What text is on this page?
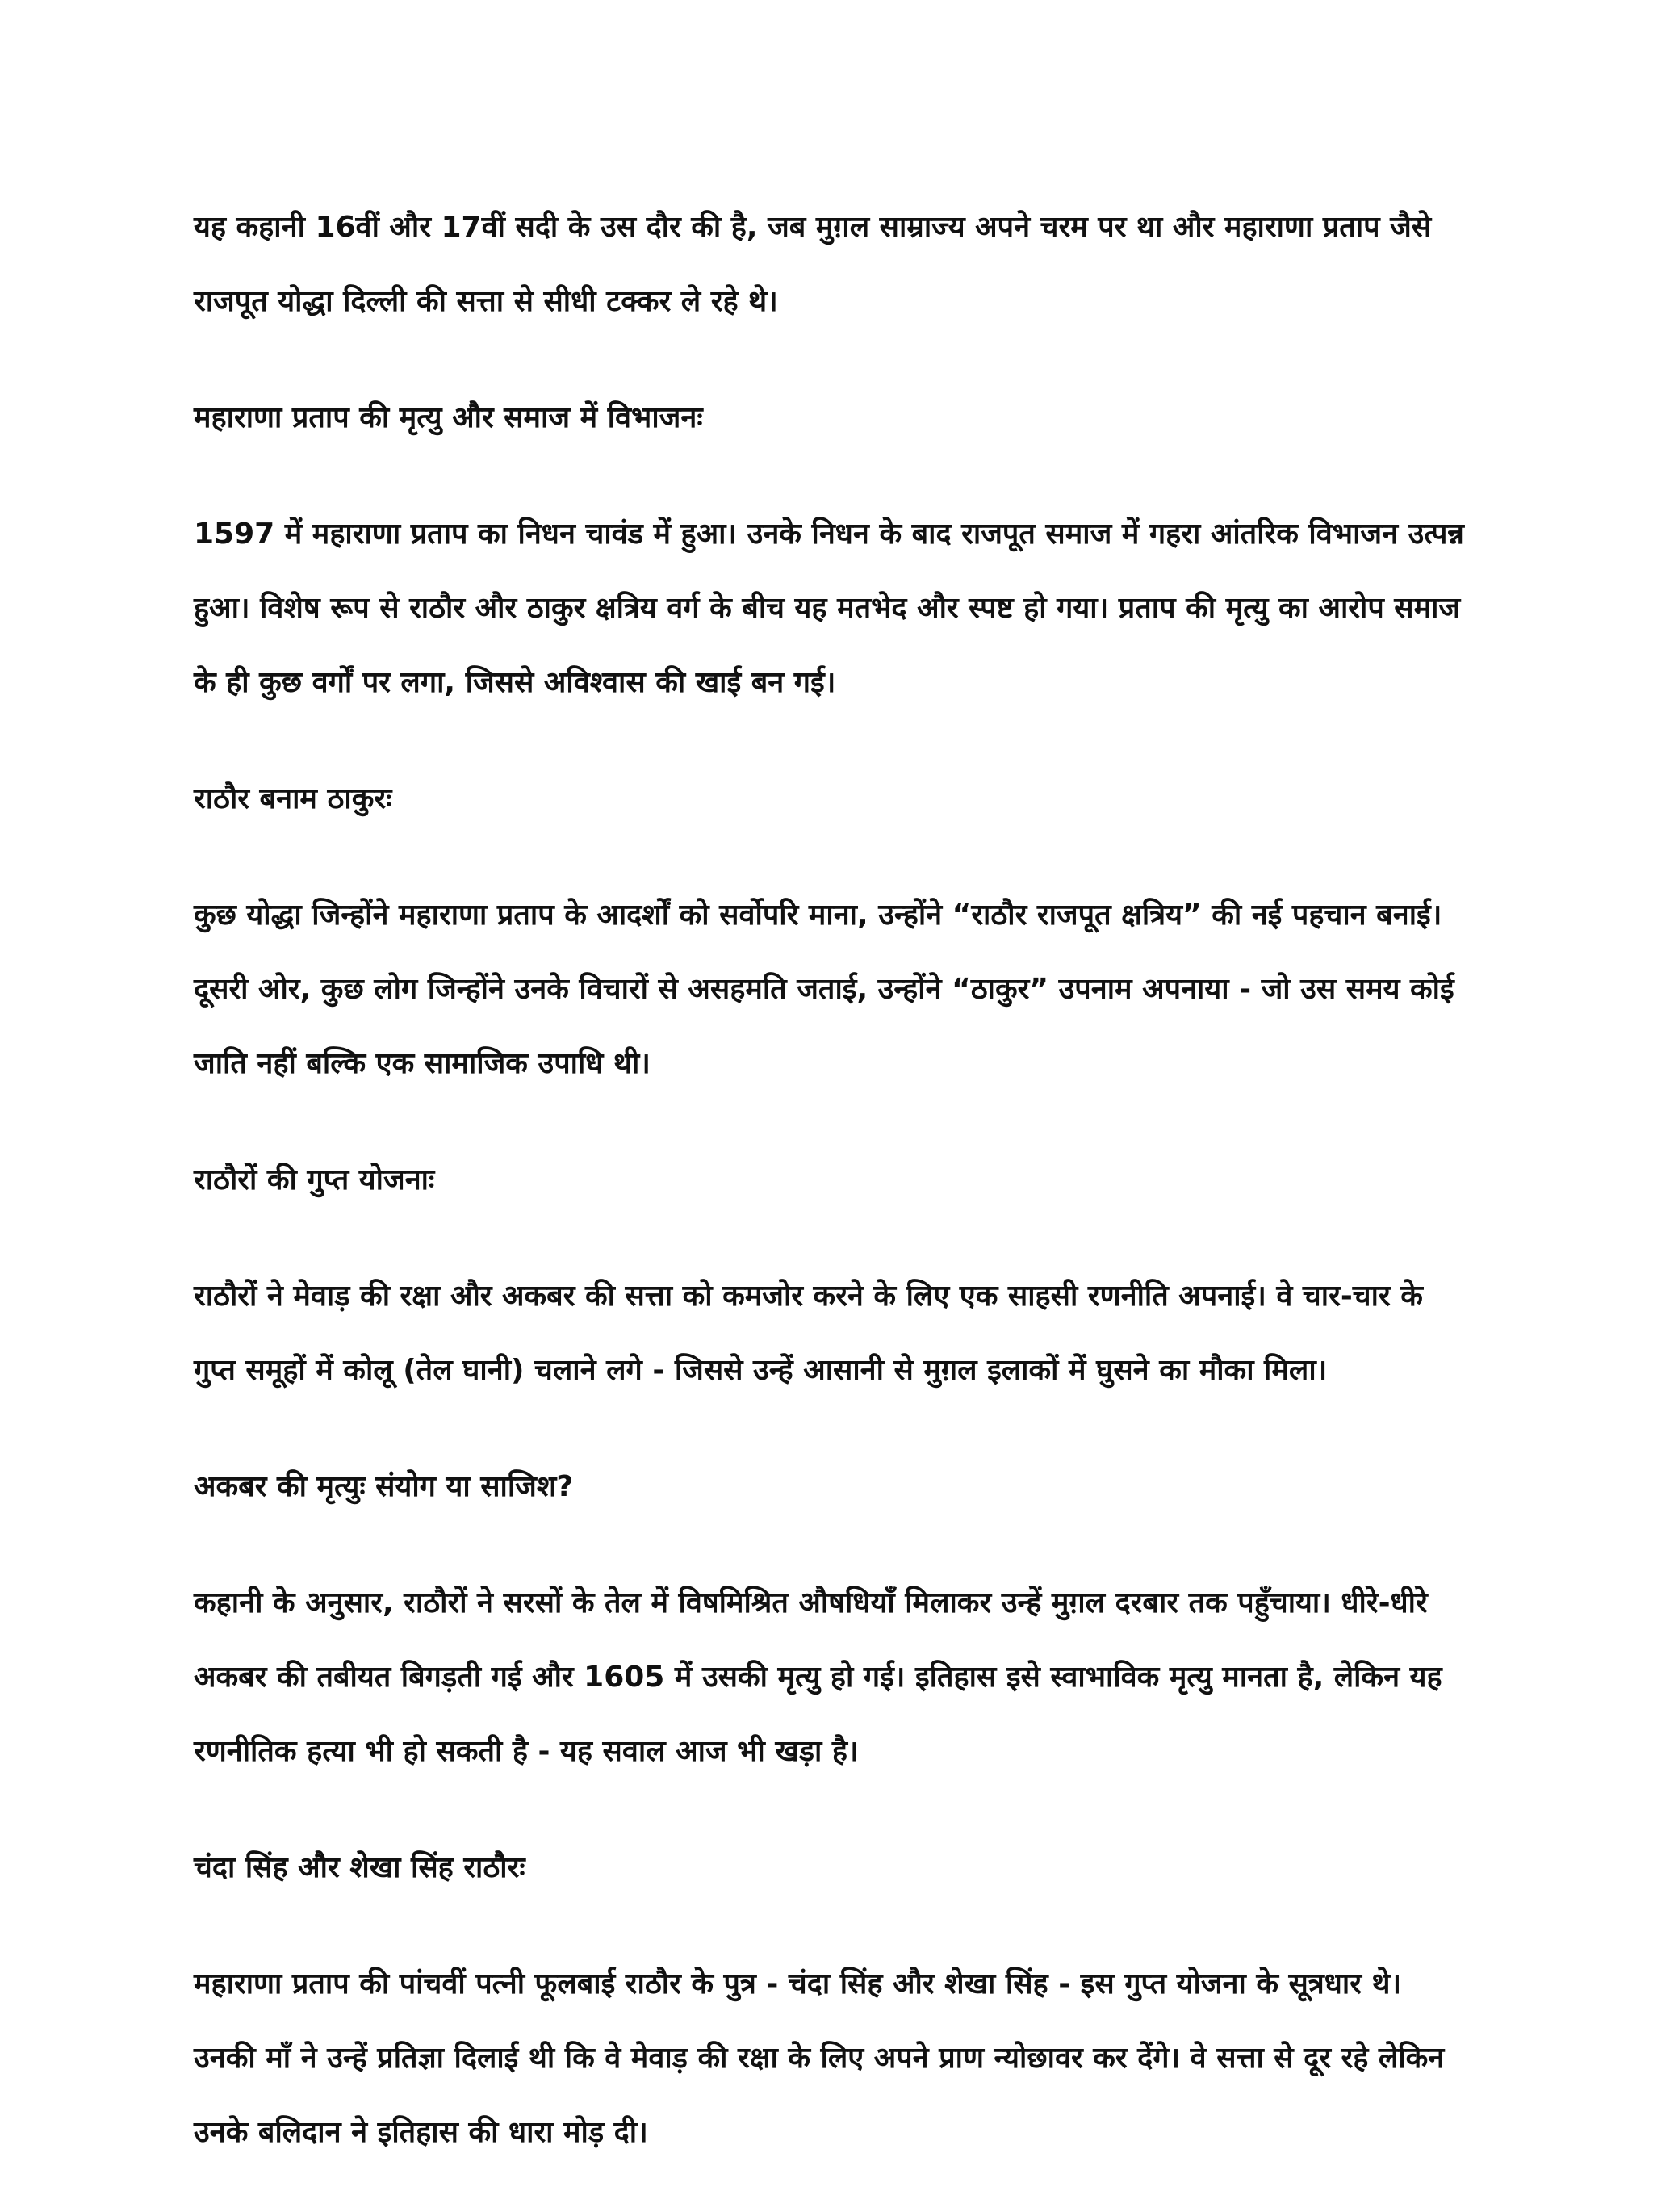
यह कहानी 16वीं और 17वीं सदी के उस दौर की है, जब मुग़ल साम्राज्य अपने चरम पर था और महाराणा प्रताप जैसे राजपूत योद्धा दिल्ली की सत्ता से सीधी टक्कर ले रहे थे।

महाराणा प्रताप की मृत्यु और समाज में विभाजनः

1597 में महाराणा प्रताप का निधन चावंड में हुआ। उनके निधन के बाद राजपूत समाज में गहरा आंतरिक विभाजन उत्पन्न हुआ। विशेष रूप से राठौर और ठाकुर क्षत्रिय वर्ग के बीच यह मतभेद और स्पष्ट हो गया। प्रताप की मृत्यु का आरोप समाज के ही कुछ वर्गों पर लगा, जिससे अविश्वास की खाई बन गई।

राठौर बनाम ठाकुरः

कुछ योद्धा जिन्होंने महाराणा प्रताप के आदर्शों को सर्वोपरि माना, उन्होंने “राठौर राजपूत क्षत्रिय” की नई पहचान बनाई। दूसरी ओर, कुछ लोग जिन्होंने उनके विचारों से असहमति जताई, उन्होंने “ठाकुर” उपनाम अपनाया - जो उस समय कोई जाति नहीं बल्कि एक सामाजिक उपाधि थी।

राठौरों की गुप्त योजनाः

राठौरों ने मेवाड़ की रक्षा और अकबर की सत्ता को कमजोर करने के लिए एक साहसी रणनीति अपनाई। वे चार-चार के गुप्त समूहों में कोलू (तेल घानी) चलाने लगे - जिससे उन्हें आसानी से मुग़ल इलाकों में घुसने का मौका मिला।

अकबर की मृत्युः संयोग या साजिश?

कहानी के अनुसार, राठौरों ने सरसों के तेल में विषमिश्रित औषधियाँ मिलाकर उन्हें मुग़ल दरबार तक पहुँचाया। धीरे-धीरे अकबर की तबीयत बिगड़ती गई और 1605 में उसकी मृत्यु हो गई। इतिहास इसे स्वाभाविक मृत्यु मानता है, लेकिन यह रणनीतिक हत्या भी हो सकती है - यह सवाल आज भी खड़ा है।

चंदा सिंह और शेखा सिंह राठौरः

महाराणा प्रताप की पांचवीं पत्नी फूलबाई राठौर के पुत्र - चंदा सिंह और शेखा सिंह - इस गुप्त योजना के सूत्रधार थे। उनकी माँ ने उन्हें प्रतिज्ञा दिलाई थी कि वे मेवाड़ की रक्षा के लिए अपने प्राण न्योछावर कर देंगे। वे सत्ता से दूर रहे लेकिन उनके बलिदान ने इतिहास की धारा मोड़ दी।
